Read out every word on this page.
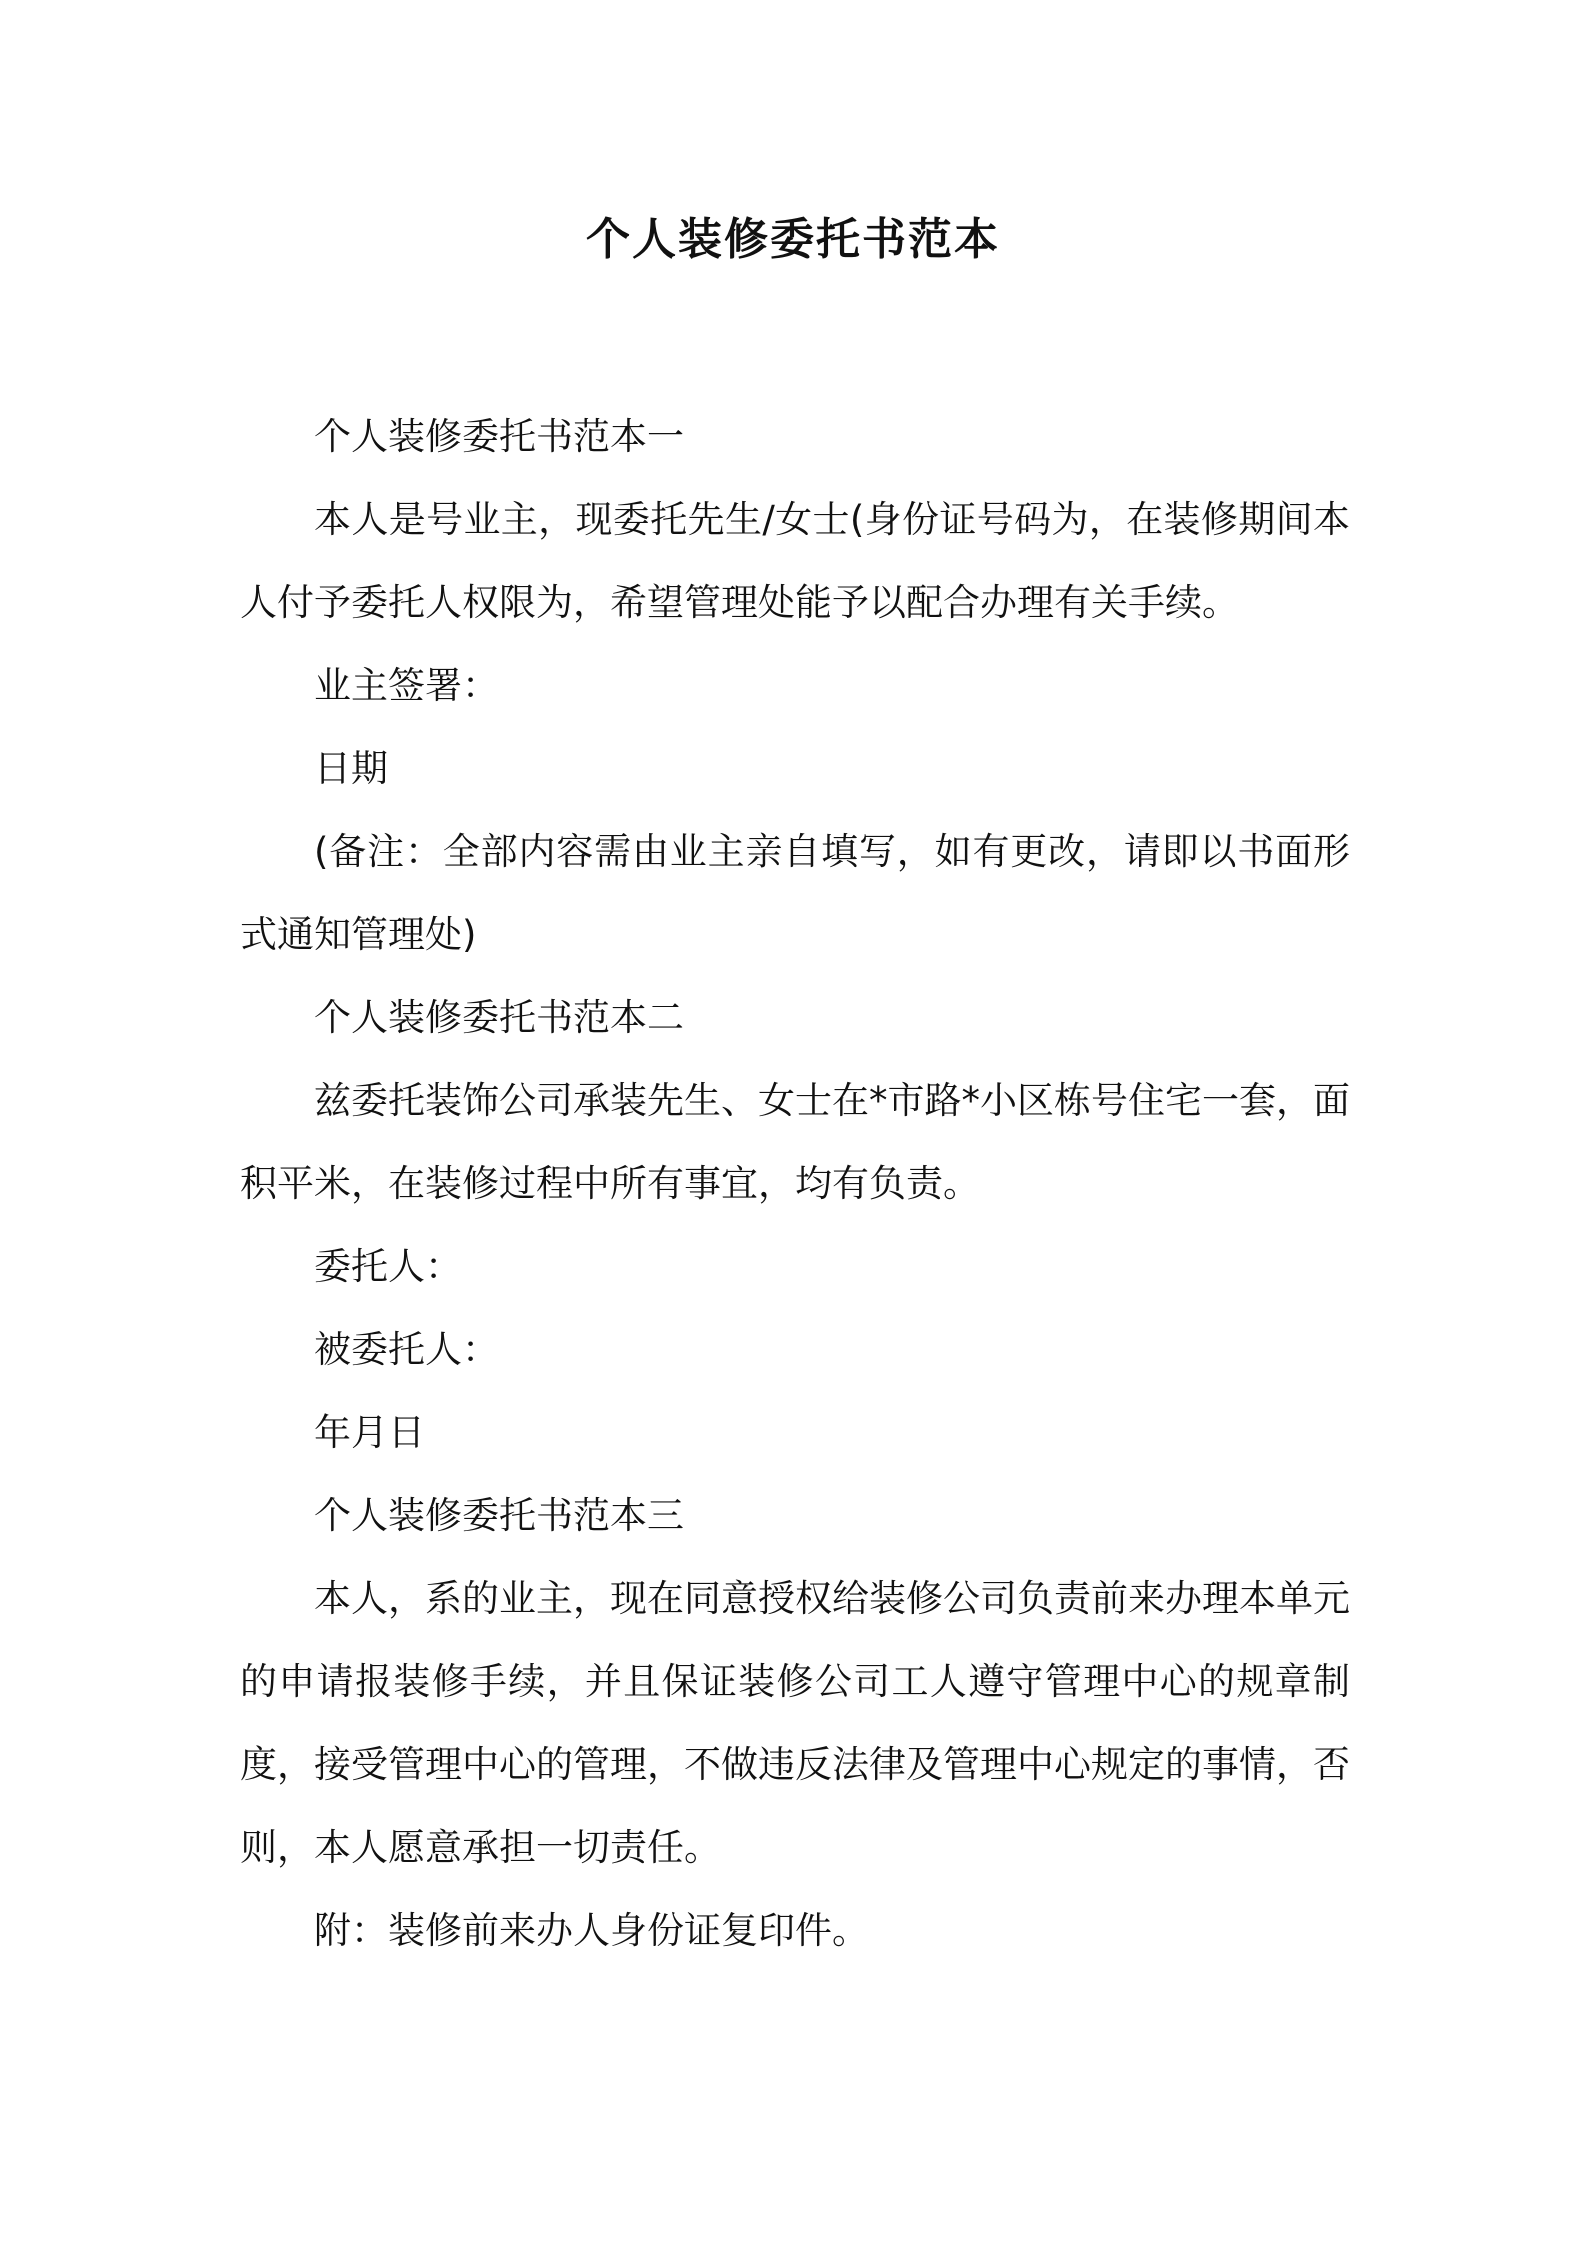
个人装修委托书范本

个人装修委托书范本一

本人是号业主，现委托先生/女士(身份证号码为，在装修期间本人付予委托人权限为，希望管理处能予以配合办理有关手续。

业主签署：

日期

(备注：全部内容需由业主亲自填写，如有更改，请即以书面形式通知管理处)

个人装修委托书范本二

兹委托装饰公司承装先生、女士在*市路*小区栋号住宅一套，面积平米，在装修过程中所有事宜，均有负责。

委托人：

被委托人：

年月日

个人装修委托书范本三

本人，系的业主，现在同意授权给装修公司负责前来办理本单元的申请报装修手续，并且保证装修公司工人遵守管理中心的规章制度，接受管理中心的管理，不做违反法律及管理中心规定的事情，否则，本人愿意承担一切责任。

附：装修前来办人身份证复印件。
